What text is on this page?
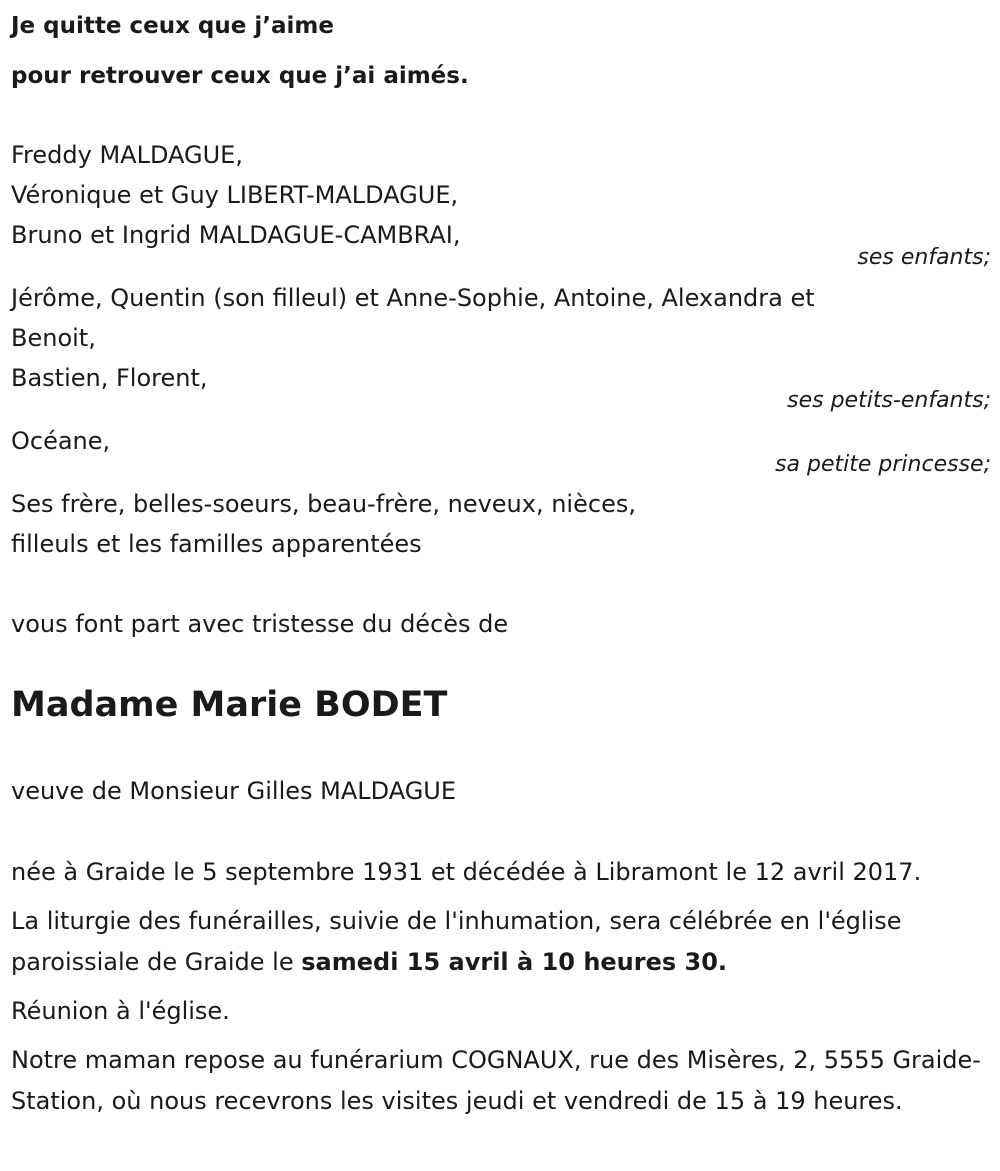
Je quitte ceux que j’aime

pour retrouver ceux que j’ai aimés.

Freddy MALDAGUE,

Véronique et Guy LIBERT-MALDAGUE,

Bruno et Ingrid MALDAGUE-CAMBRAI,

ses enfants;

Jérôme, Quentin (son filleul) et Anne-Sophie, Antoine, Alexandra et

Benoit,

Bastien, Florent,

ses petits-enfants;

Océane,

sa petite princesse;

Ses frère, belles-soeurs, beau-frère, neveux, nièces,

filleuls et les familles apparentées

vous font part avec tristesse du décès de

Madame Marie BODET

veuve de Monsieur Gilles MALDAGUE

née à Graide le 5 septembre 1931 et décédée à Libramont le 12 avril 2017.

La liturgie des funérailles, suivie de l'inhumation, sera célébrée en l'église paroissiale de Graide le samedi 15 avril à 10 heures 30.

Réunion à l'église.

Notre maman repose au funérarium COGNAUX, rue des Misères, 2, 5555 Graide-Station, où nous recevrons les visites jeudi et vendredi de 15 à 19 heures.
